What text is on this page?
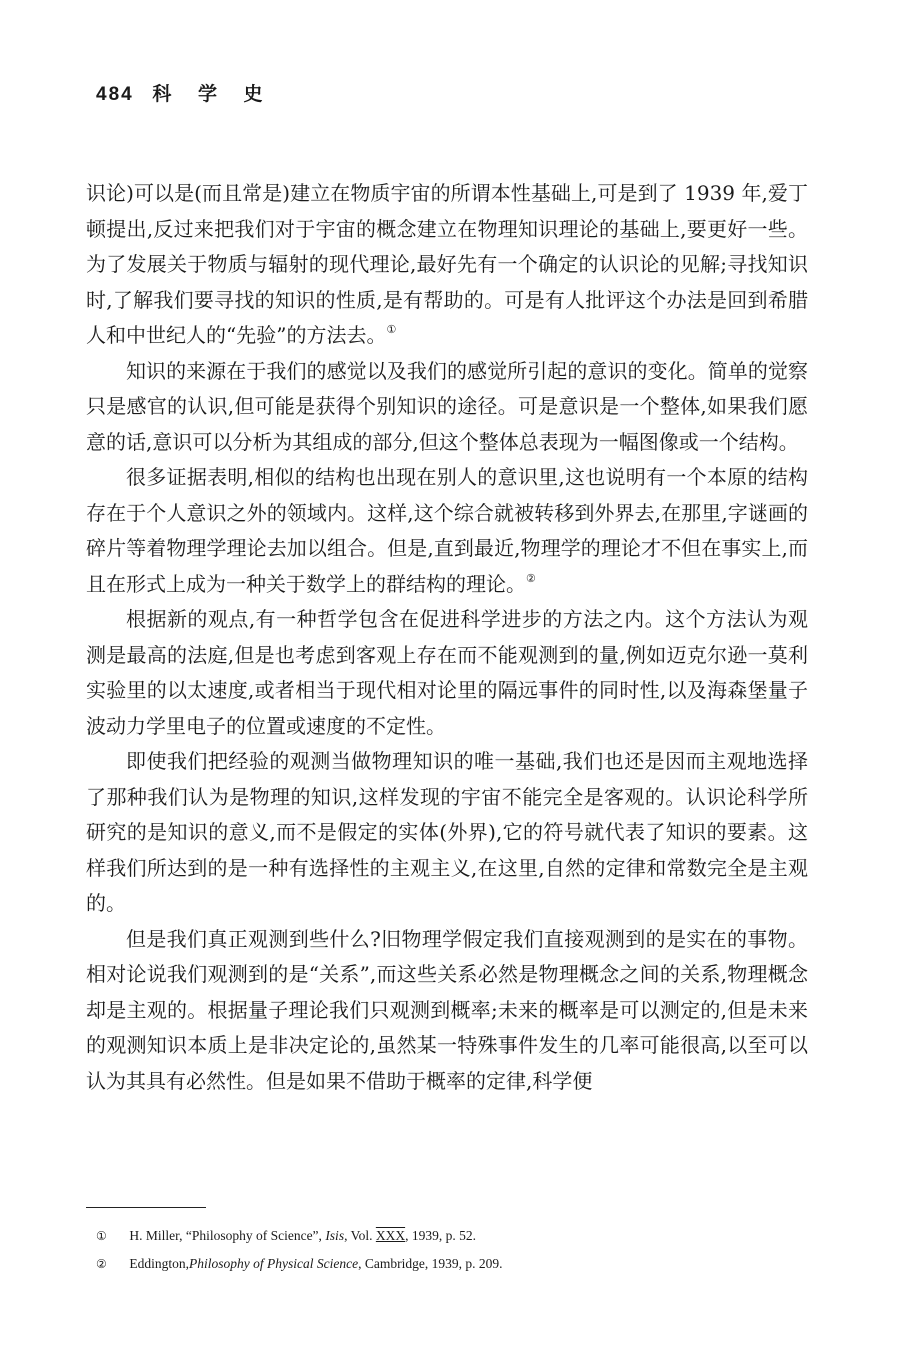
484 科 学 史

识论)可以是(而且常是)建立在物质宇宙的所谓本性基础上,可是到了 1939 年,爱丁顿提出,反过来把我们对于宇宙的概念建立在物理知识理论的基础上,要更好一些。为了发展关于物质与辐射的现代理论,最好先有一个确定的认识论的见解;寻找知识时,了解我们要寻找的知识的性质,是有帮助的。可是有人批评这个办法是回到希腊人和中世纪人的“先验”的方法去。①

知识的来源在于我们的感觉以及我们的感觉所引起的意识的变化。简单的觉察只是感官的认识,但可能是获得个别知识的途径。可是意识是一个整体,如果我们愿意的话,意识可以分析为其组成的部分,但这个整体总表现为一幅图像或一个结构。

很多证据表明,相似的结构也出现在别人的意识里,这也说明有一个本原的结构存在于个人意识之外的领域内。这样,这个综合就被转移到外界去,在那里,字谜画的碎片等着物理学理论去加以组合。但是,直到最近,物理学的理论才不但在事实上,而且在形式上成为一种关于数学上的群结构的理论。②

根据新的观点,有一种哲学包含在促进科学进步的方法之内。这个方法认为观测是最高的法庭,但是也考虑到客观上存在而不能观测到的量,例如迈克尔逊一莫利实验里的以太速度,或者相当于现代相对论里的隔远事件的同时性,以及海森堡量子波动力学里电子的位置或速度的不定性。

即使我们把经验的观测当做物理知识的唯一基础,我们也还是因而主观地选择了那种我们认为是物理的知识,这样发现的宇宙不能完全是客观的。认识论科学所研究的是知识的意义,而不是假定的实体(外界),它的符号就代表了知识的要素。这样我们所达到的是一种有选择性的主观主义,在这里,自然的定律和常数完全是主观的。

但是我们真正观测到些什么?旧物理学假定我们直接观测到的是实在的事物。相对论说我们观测到的是“关系”,而这些关系必然是物理概念之间的关系,物理概念却是主观的。根据量子理论我们只观测到概率;未来的概率是可以测定的,但是未来的观测知识本质上是非决定论的,虽然某一特殊事件发生的几率可能很高,以至可以认为其具有必然性。但是如果不借助于概率的定律,科学便

① H. Miller, “Philosophy of Science”, Isis, Vol. XXX, 1939, p. 52.
② Eddington,Philosophy of Physical Science, Cambridge, 1939, p. 209.
